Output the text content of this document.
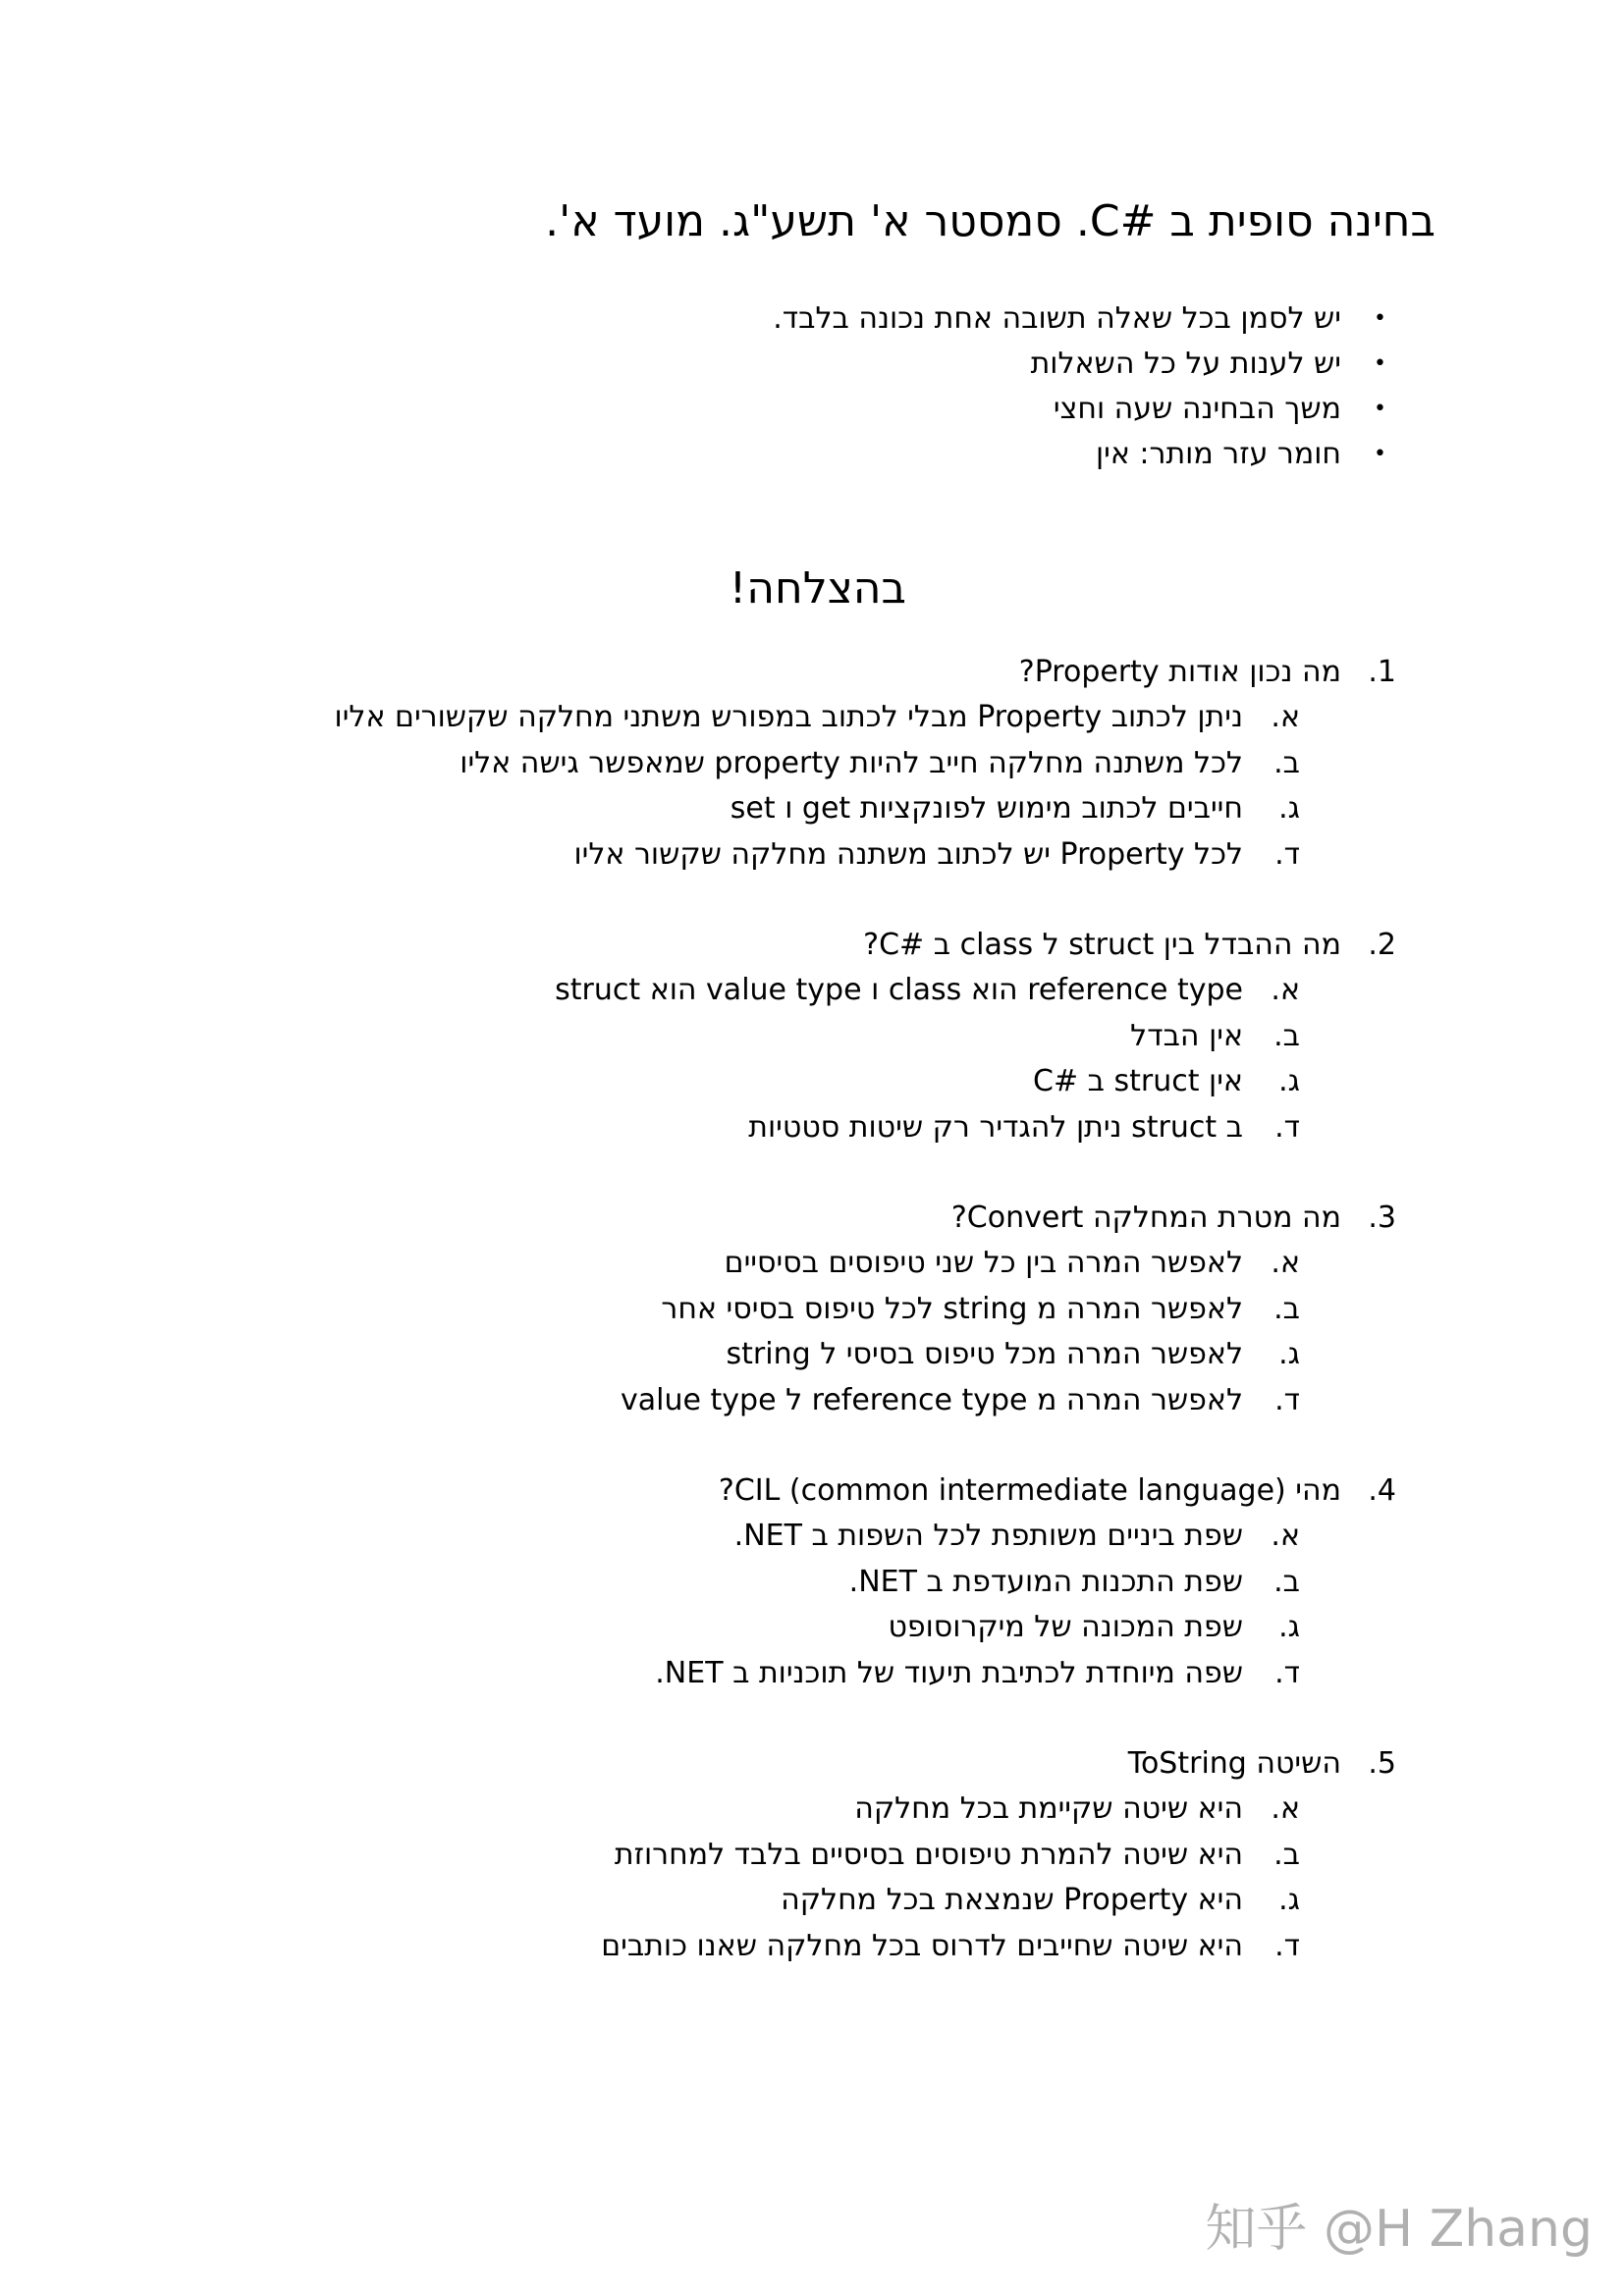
בחינה סופית ב #C. סמסטר א' תשע"ג. מועד א'.
•
יש לסמן בכל שאלה תשובה אחת נכונה בלבד.
•
יש לענות על כל השאלות
•
משך הבחינה שעה וחצי
•
חומר עזר מותר: אין
בהצלחה!
1.
מה נכון אודות Property?
א.
ניתן לכתוב Property מבלי לכתוב במפורש משתני מחלקה שקשורים אליו
ב.
לכל משתנה מחלקה חייב להיות property שמאפשר גישה אליו
ג.
חייבים לכתוב מימוש לפונקציות get ו set
ד.
לכל Property יש לכתוב משתנה מחלקה שקשור אליו
2.
מה ההבדל בין struct ל class ב #C?
א.
struct הוא value type ו class הוא reference type
ב.
אין הבדל
ג.
אין struct ב #C
ד.
ב struct ניתן להגדיר רק שיטות סטטיות
3.
מה מטרת המחלקה Convert?
א.
לאפשר המרה בין כל שני טיפוסים בסיסיים
ב.
לאפשר המרה מ string לכל טיפוס בסיסי אחר
ג.
לאפשר המרה מכל טיפוס בסיסי ל string
ד.
לאפשר המרה מ reference type ל value type
4.
מהי CIL (common intermediate language)?
א.
שפת ביניים משותפת לכל השפות ב NET.
ב.
שפת התכנות המועדפת ב NET.
ג.
שפת המכונה של מיקרוסופט
ד.
שפה מיוחדת לכתיבת תיעוד של תוכניות ב NET.
5.
השיטה ToString
א.
היא שיטה שקיימת בכל מחלקה
ב.
היא שיטה להמרת טיפוסים בסיסיים בלבד למחרוזת
ג.
היא Property שנמצאת בכל מחלקה
ד.
היא שיטה שחייבים לדרוס בכל מחלקה שאנו כותבים
知乎 @H Zhang
